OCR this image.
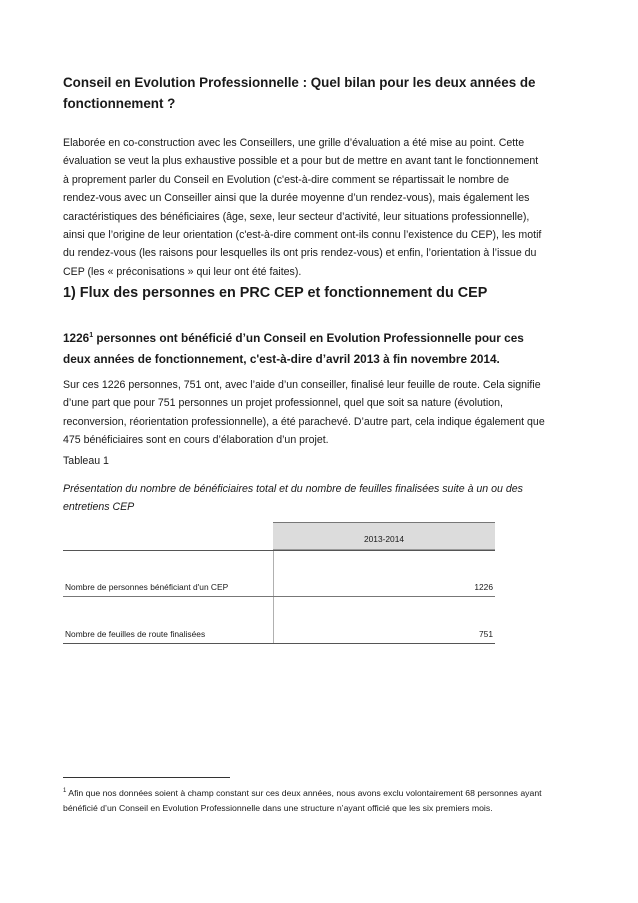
Conseil en Evolution Professionnelle : Quel bilan pour les deux années de fonctionnement ?
Elaborée en co-construction avec les Conseillers, une grille d’évaluation a été mise au point. Cette évaluation se veut la plus exhaustive possible et a pour but de mettre en avant tant le fonctionnement à proprement parler du Conseil en Evolution (c'est-à-dire comment se répartissait le nombre de rendez-vous avec un Conseiller ainsi que la durée moyenne d’un rendez-vous), mais également les caractéristiques des bénéficiaires (âge, sexe, leur secteur d’activité, leur situations professionnelle), ainsi que l’origine de leur orientation (c'est-à-dire comment ont-ils connu l’existence du CEP), les motif du rendez-vous (les raisons pour lesquelles ils ont pris rendez-vous) et enfin, l’orientation à l’issue du CEP (les « préconisations » qui leur ont été faites).
1) Flux des personnes en PRC CEP et fonctionnement du CEP
1226$^1$ personnes ont bénéficié d’un Conseil en Evolution Professionnelle pour ces deux années de fonctionnement, c'est-à-dire d’avril 2013 à fin novembre 2014.
Sur ces 1226 personnes, 751 ont, avec l’aide d’un conseiller, finalisé leur feuille de route. Cela signifie d’une part que pour 751 personnes un projet professionnel, quel que soit sa nature (évolution, reconversion, réorientation professionnelle), a été parachevé. D’autre part, cela indique également que 475 bénéficiaires sont en cours d’élaboration d’un projet.
Tableau 1
Présentation du nombre de bénéficiaires total et du nombre de feuilles finalisées suite à un ou des entretiens CEP
2013-2014
Nombre de personnes bénéficiant d'un CEP	1226
Nombre de feuilles de route finalisées	751
$^1$ Afin que nos données soient à champ constant sur ces deux années, nous avons exclu volontairement 68 personnes ayant bénéficié d’un Conseil en Evolution Professionnelle dans une structure n’ayant officié que les six premiers mois.
